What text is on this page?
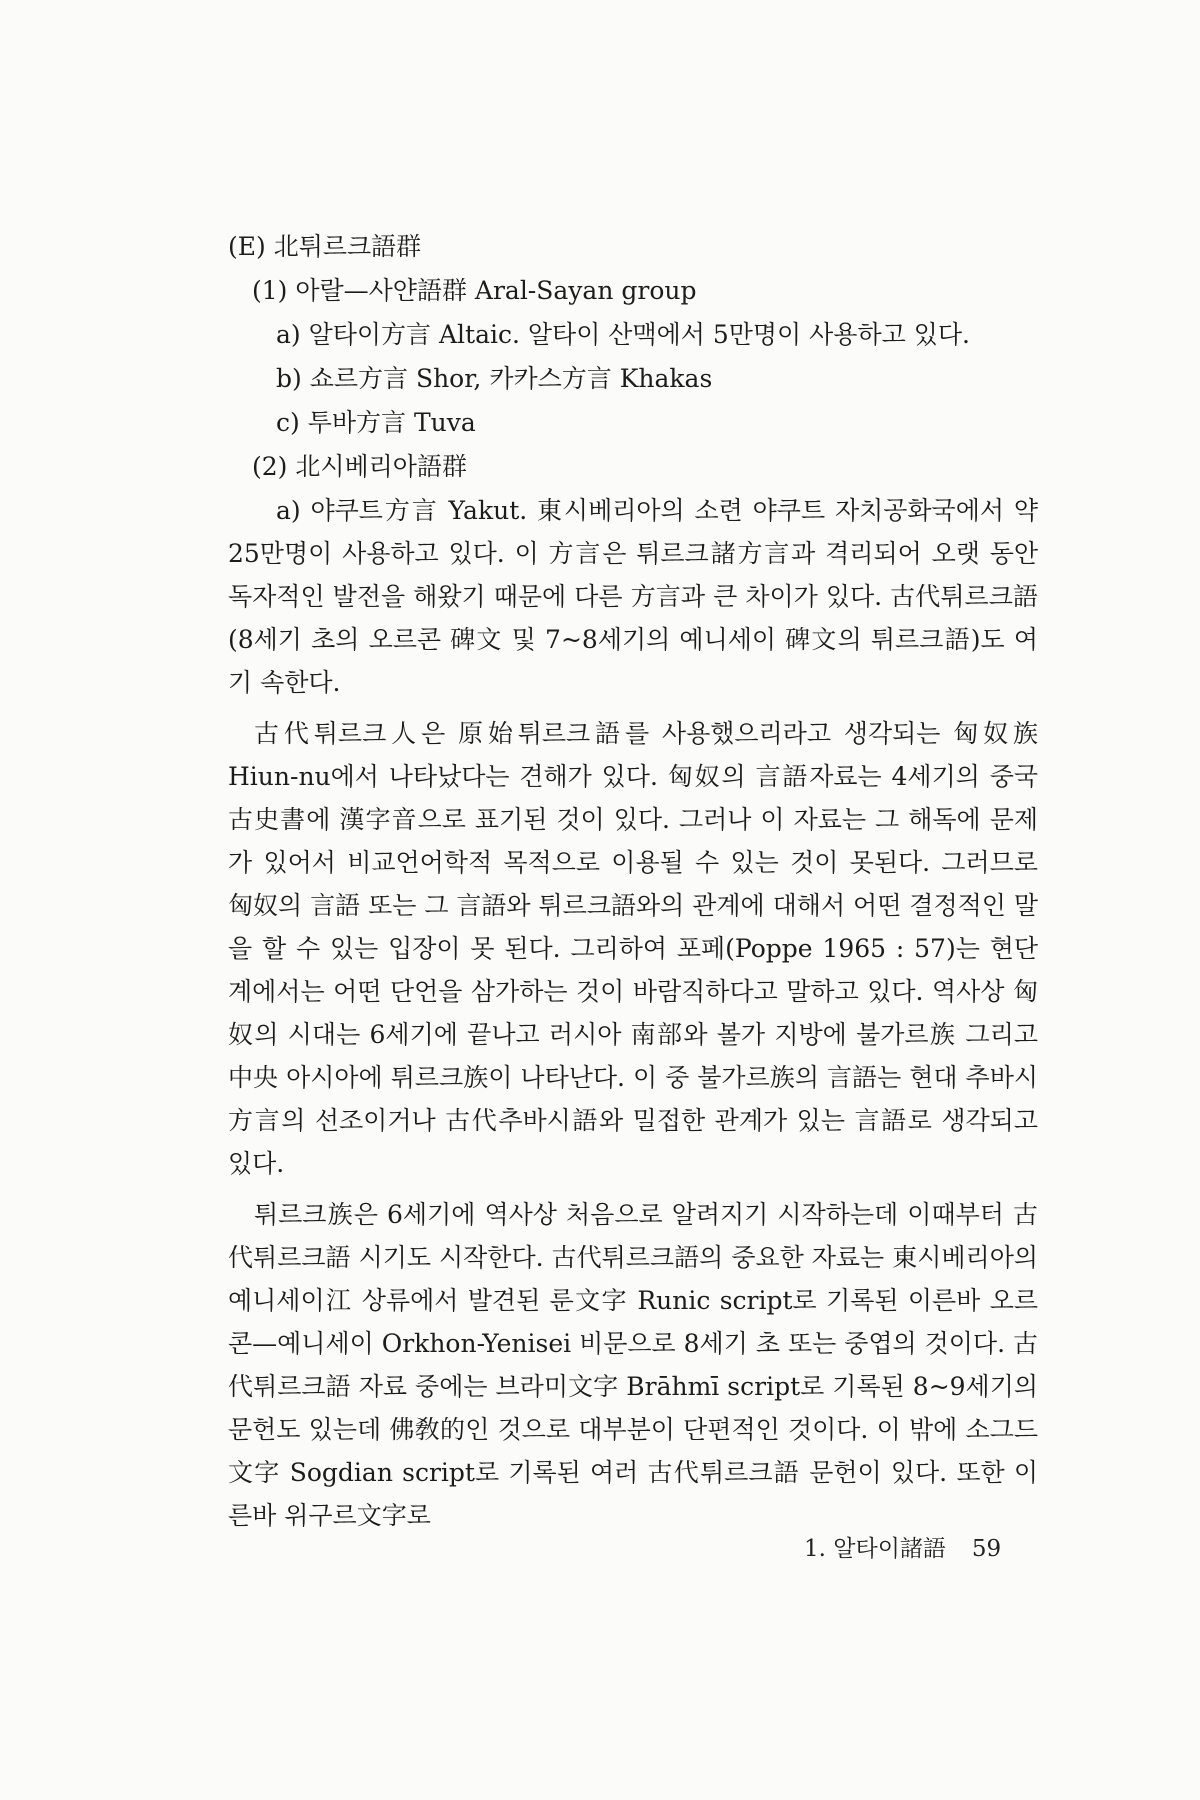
(E) 北튀르크語群
(1) 아랄—사얀語群 Aral-Sayan group
a) 알타이方言 Altaic. 알타이 산맥에서 5만명이 사용하고 있다.
b) 쇼르方言 Shor, 카카스方言 Khakas
c) 투바方言 Tuva
(2) 北시베리아語群

a) 야쿠트方言 Yakut. 東시베리아의 소련 야쿠트 자치공화국에서 약 25만명이 사용하고 있다. 이 方言은 튀르크諸方言과 격리되어 오랫 동안 독자적인 발전을 해왔기 때문에 다른 方言과 큰 차이가 있다. 古代튀르크語(8세기 초의 오르콘 碑文 및 7~8세기의 예니세이 碑文의 튀르크語)도 여기 속한다.

古代튀르크人은 原始튀르크語를 사용했으리라고 생각되는 匈奴族 Hiun-nu에서 나타났다는 견해가 있다. 匈奴의 言語자료는 4세기의 중국 古史書에 漢字音으로 표기된 것이 있다. 그러나 이 자료는 그 해독에 문제가 있어서 비교언어학적 목적으로 이용될 수 있는 것이 못된다. 그러므로 匈奴의 言語 또는 그 言語와 튀르크語와의 관계에 대해서 어떤 결정적인 말을 할 수 있는 입장이 못 된다. 그리하여 포페(Poppe 1965 : 57)는 현단계에서는 어떤 단언을 삼가하는 것이 바람직하다고 말하고 있다. 역사상 匈奴의 시대는 6세기에 끝나고 러시아 南部와 볼가 지방에 불가르族 그리고 中央 아시아에 튀르크族이 나타난다. 이 중 불가르族의 言語는 현대 추바시方言의 선조이거나 古代추바시語와 밀접한 관계가 있는 言語로 생각되고 있다.

튀르크族은 6세기에 역사상 처음으로 알려지기 시작하는데 이때부터 古代튀르크語 시기도 시작한다. 古代튀르크語의 중요한 자료는 東시베리아의 예니세이江 상류에서 발견된 룬文字 Runic script로 기록된 이른바 오르콘—예니세이 Orkhon-Yenisei 비문으로 8세기 초 또는 중엽의 것이다. 古代튀르크語 자료 중에는 브라미文字 Brāhmī script로 기록된 8~9세기의 문헌도 있는데 佛敎的인 것으로 대부분이 단편적인 것이다. 이 밖에 소그드文字 Sogdian script로 기록된 여러 古代튀르크語 문헌이 있다. 또한 이른바 위구르文字로

1. 알타이諸語 59
